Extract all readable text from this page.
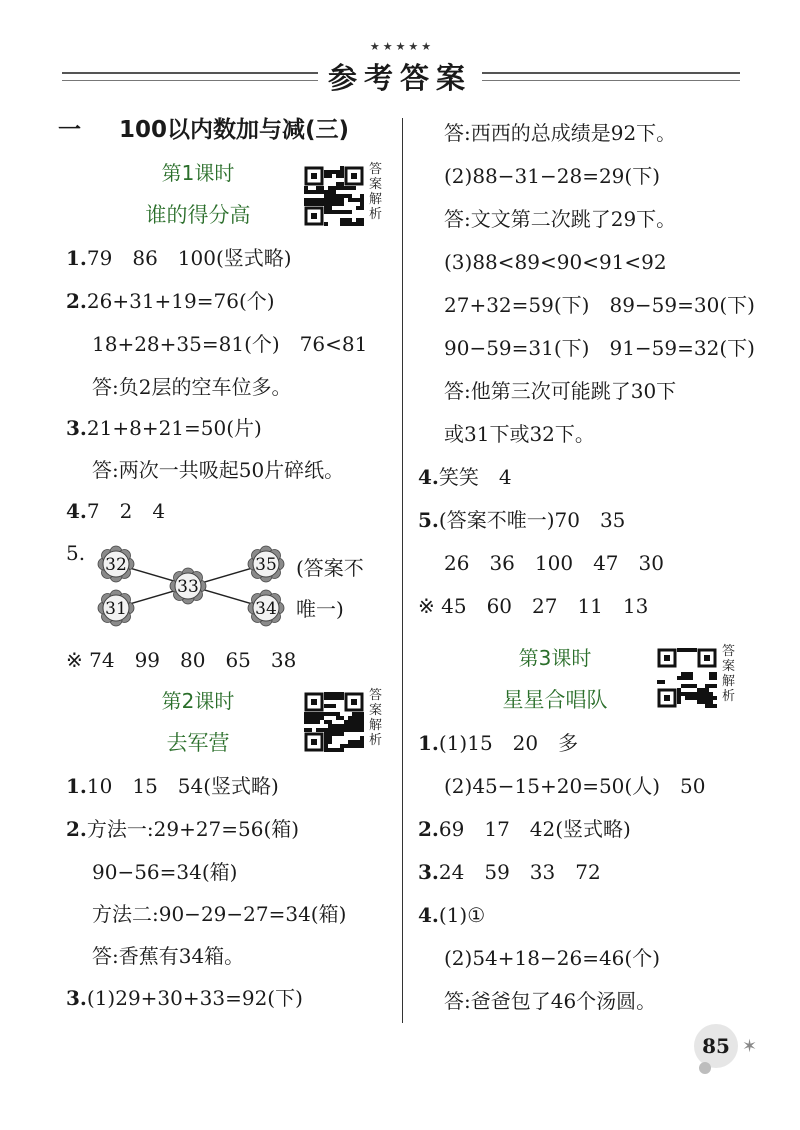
★★★★★
参考答案
一 100以内数加与减(三)
第1课时
谁的得分高
答案解析
1.79　86　100(竖式略)
2.26+31+19=76(个)
18+28+35=81(个)　76<81
答:负2层的空车位多。
3.21+8+21=50(片)
答:两次一共吸起50片碎纸。
4.7　2　4
5. 32
33
35
31	34
(答案不
唯一)
※ 74　99　80　65　38
第2课时
去军营
答案解析
1.10　15　54(竖式略)
2.方法一:29+27=56(箱)
90−56=34(箱)
方法二:90−29−27=34(箱)
答:香蕉有34箱。
3.(1)29+30+33=92(下)
答:西西的总成绩是92下。
(2)88−31−28=29(下)
答:文文第二次跳了29下。
(3)88<89<90<91<92
27+32=59(下)　89−59=30(下)
90−59=31(下)　91−59=32(下)
答:他第三次可能跳了30下
或31下或32下。
4.笑笑　4
5.(答案不唯一)70　35
26　36　100　47　30
※ 45　60　27　11　13
第3课时
星星合唱队
答案解析
1.(1)15　20　多
(2)45−15+20=50(人)　50
2.69　17　42(竖式略)
3.24　59　33　72
4.(1)①
(2)54+18−26=46(个)
答:爸爸包了46个汤圆。
85 ✶
